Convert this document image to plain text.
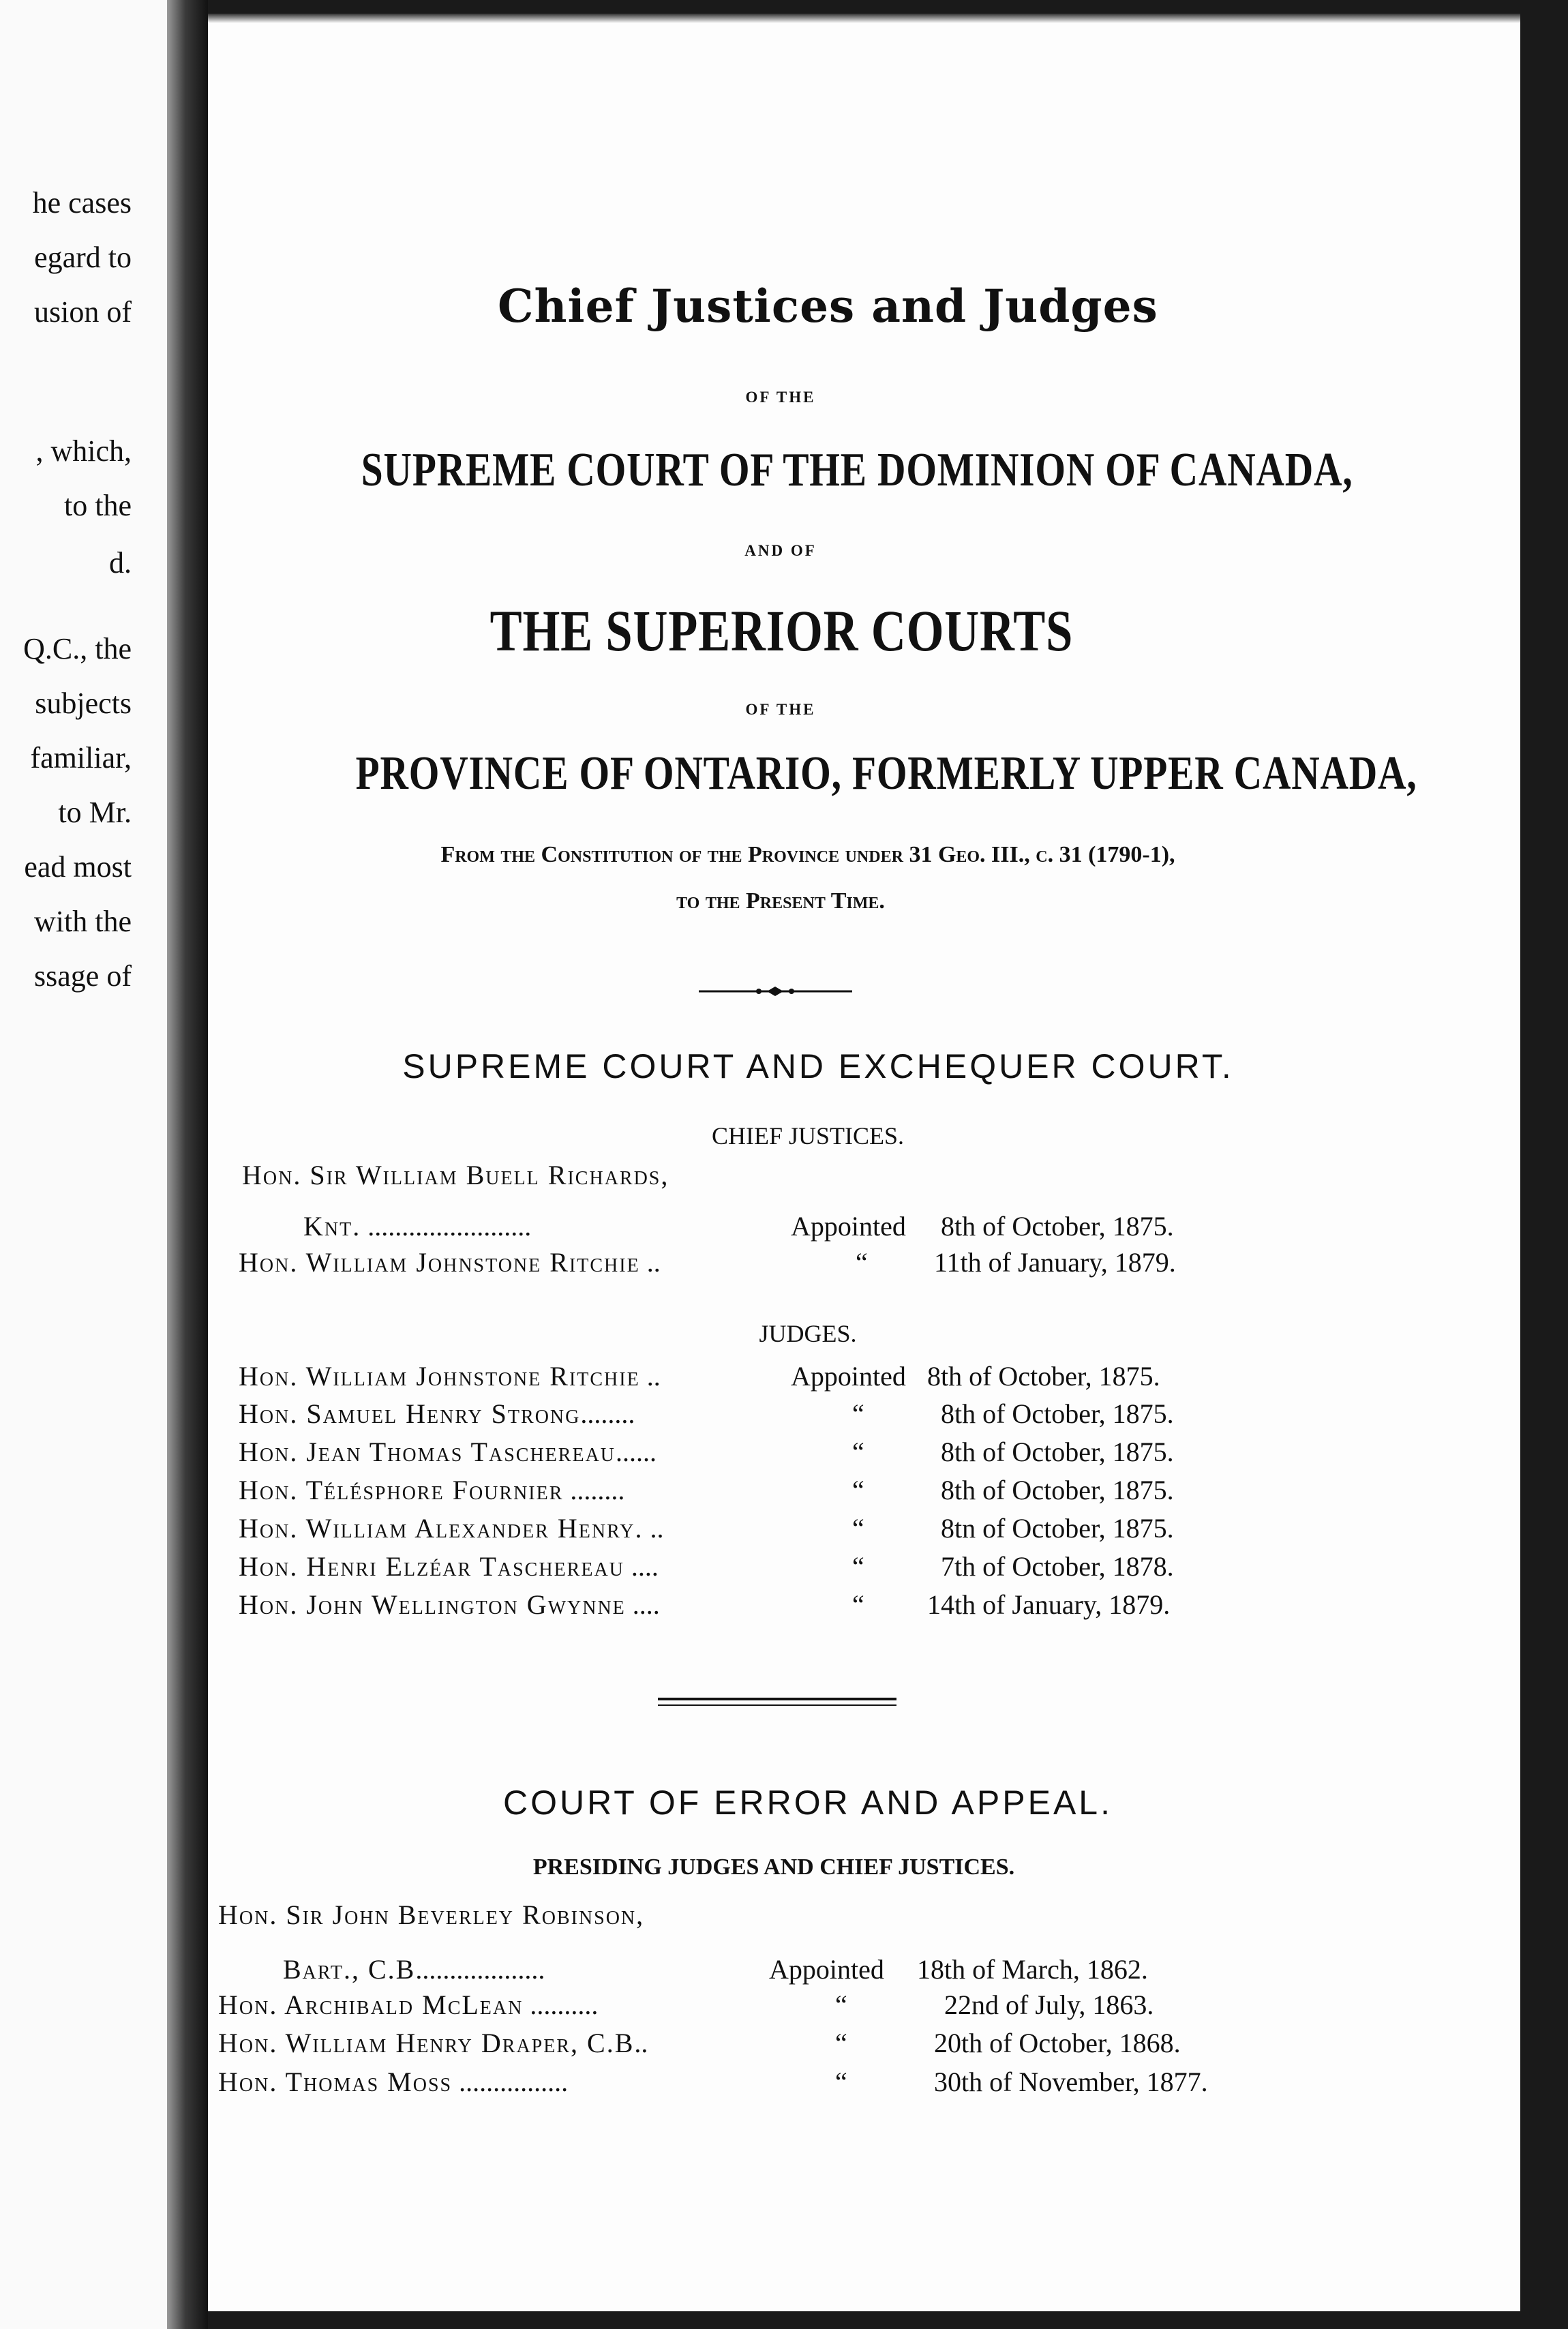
he cases
egard to
usion of
, which,
to the
d.
Q.C., the
subjects
familiar,
to Mr.
ead most
with the
ssage of
Chief Justices and Judges
OF THE
SUPREME COURT OF THE DOMINION OF CANADA,
AND OF
THE SUPERIOR COURTS
OF THE
PROVINCE OF ONTARIO, FORMERLY UPPER CANADA,
From the Constitution of the Province under 31 Geo. III., c. 31 (1790-1),
to the Present Time.
SUPREME COURT AND EXCHEQUER COURT.
CHIEF JUSTICES.
Hon. Sir William Buell Richards,
Knt. ........................	Appointed 8th of October, 1875.
Hon. William Johnstone Ritchie ..	“ 11th of January, 1879.
JUDGES.
Hon. William Johnstone Ritchie ..	Appointed 8th of October, 1875.
Hon. Samuel Henry Strong........	“	8th of October, 1875.
Hon. Jean Thomas Taschereau......	“	8th of October, 1875.
Hon. Télésphore Fournier ........	“	8th of October, 1875.
Hon. William Alexander Henry. ..	“	8tn of October, 1875.
Hon. Henri Elzéar Taschereau ....	“	7th of October, 1878.
Hon. John Wellington Gwynne ....	“ 14th of January, 1879.
COURT OF ERROR AND APPEAL.
PRESIDING JUDGES AND CHIEF JUSTICES.
Hon. Sir John Beverley Robinson,
Bart., C.B...................	Appointed 18th of March, 1862.
Hon. Archibald McLean ..........	“	22nd of July, 1863.
Hon. William Henry Draper, C.B..	“	20th of October, 1868.
Hon. Thomas Moss ................	“	30th of November, 1877.
